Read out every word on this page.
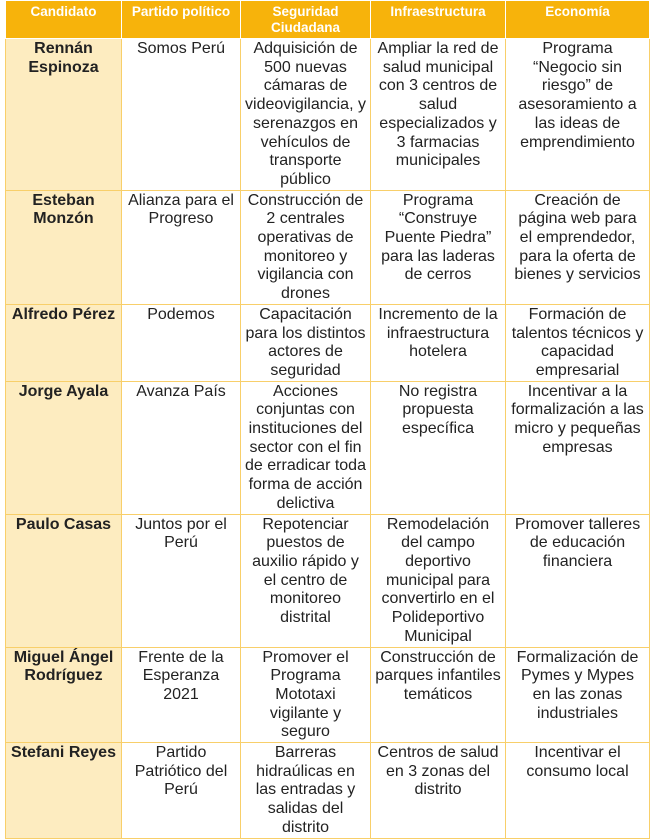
Candidato	Partido político	Seguridad Ciudadana	Infraestructura	Economía
Rennán Espinoza	Somos Perú	Adquisición de 500 nuevas cámaras de videovigilancia, y serenazgos en vehículos de transporte público	Ampliar la red de salud municipal con 3 centros de salud especializados y 3 farmacias municipales	Programa “Negocio sin riesgo” de asesoramiento a las ideas de emprendimiento
Esteban Monzón	Alianza para el Progreso	Construcción de 2 centrales operativas de monitoreo y vigilancia con drones	Programa “Construye Puente Piedra” para las laderas de cerros	Creación de página web para el emprendedor, para la oferta de bienes y servicios
Alfredo Pérez	Podemos	Capacitación para los distintos actores de seguridad	Incremento de la infraestructura hotelera	Formación de talentos técnicos y capacidad empresarial
Jorge Ayala	Avanza País	Acciones conjuntas con instituciones del sector con el fin de erradicar toda forma de acción delictiva	No registra propuesta específica	Incentivar a la formalización a las micro y pequeñas empresas
Paulo Casas	Juntos por el Perú	Repotenciar puestos de auxilio rápido y el centro de monitoreo distrital	Remodelación del campo deportivo municipal para convertirlo en el Polideportivo Municipal	Promover talleres de educación financiera
Miguel Ángel Rodríguez	Frente de la Esperanza 2021	Promover el Programa Mototaxi vigilante y seguro	Construcción de parques infantiles temáticos	Formalización de Pymes y Mypes en las zonas industriales
Stefani Reyes	Partido Patriótico del Perú	Barreras hidraúlicas en las entradas y salidas del distrito	Centros de salud en 3 zonas del distrito	Incentivar el consumo local
